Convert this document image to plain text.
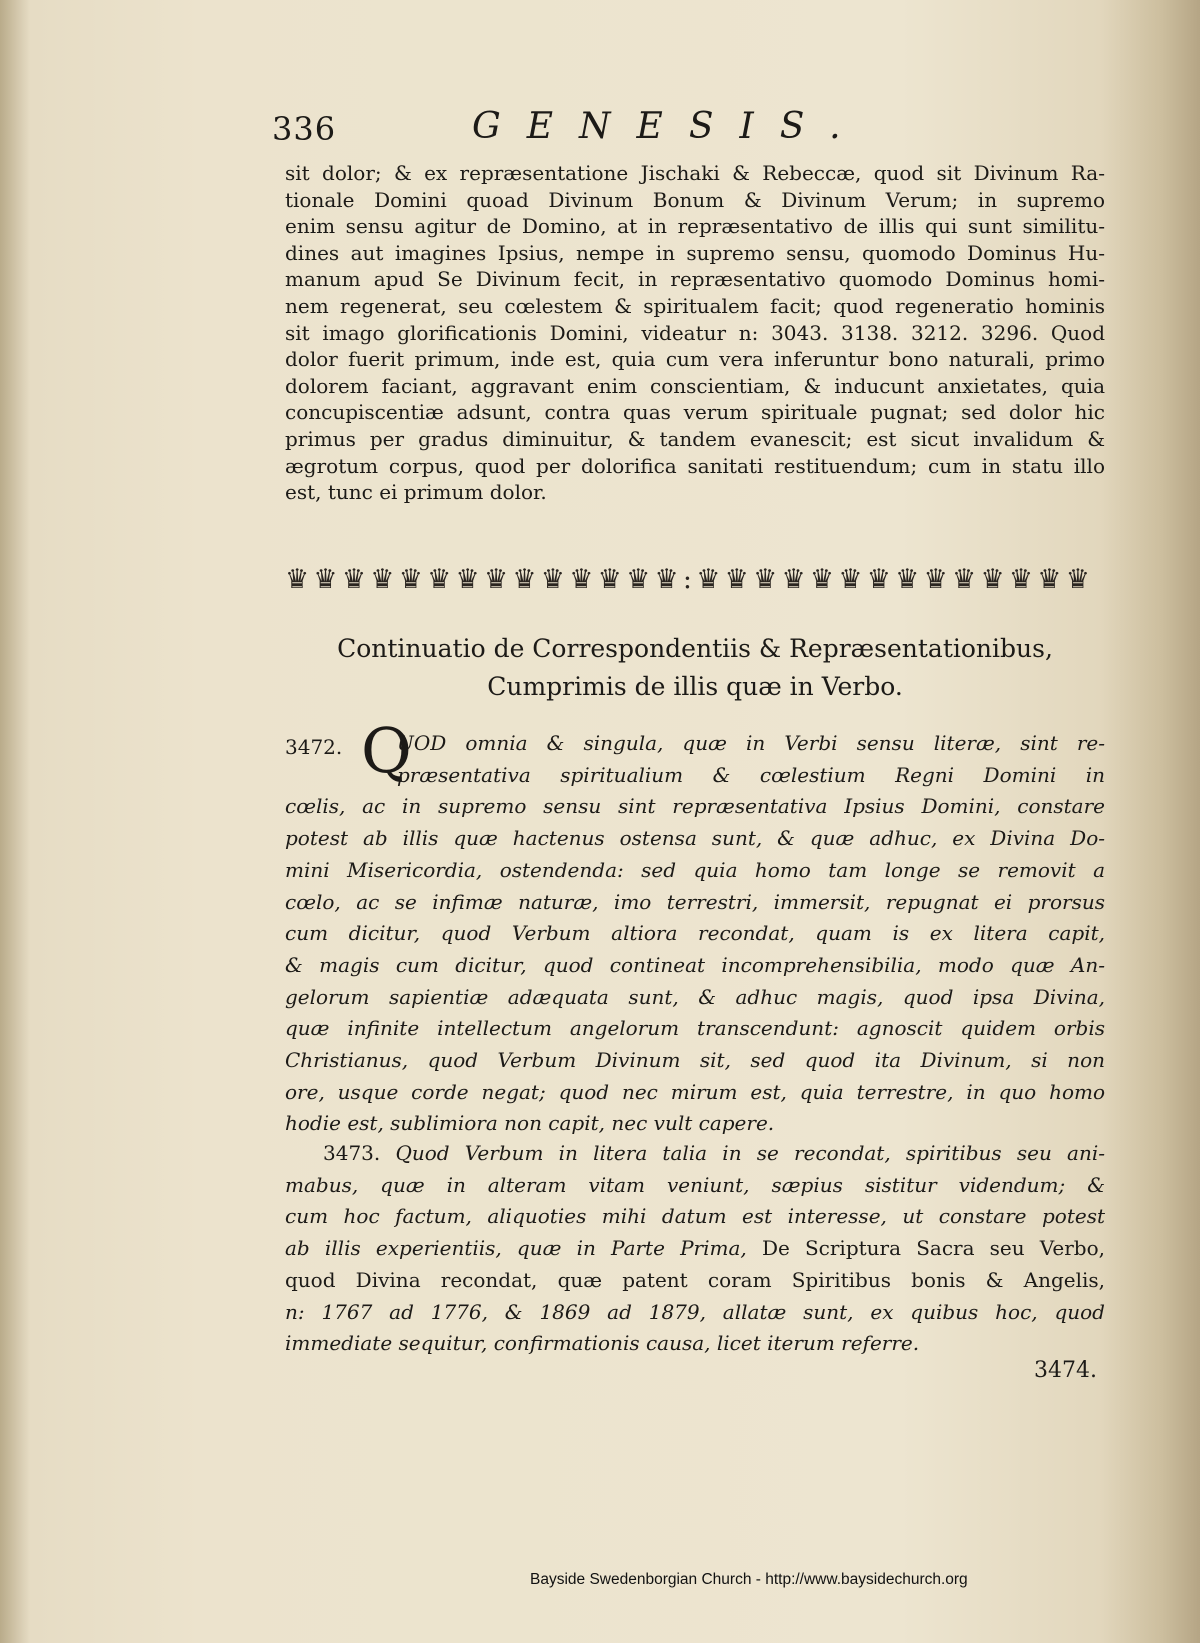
336	GENESIS.
sit dolor; & ex repræsentatione Jischaki & Rebeccæ, quod sit Divinum Ra-
tionale Domini quoad Divinum Bonum & Divinum Verum; in supremo
enim sensu agitur de Domino, at in repræsentativo de illis qui sunt similitu-
dines aut imagines Ipsius, nempe in supremo sensu, quomodo Dominus Hu-
manum apud Se Divinum fecit, in repræsentativo quomodo Dominus homi-
nem regenerat, seu cœlestem & spiritualem facit; quod regeneratio hominis
sit imago glorificationis Domini, videatur n: 3043. 3138. 3212. 3296. Quod
dolor fuerit primum, inde est, quia cum vera inferuntur bono naturali, primo
dolorem faciant, aggravant enim conscientiam, & inducunt anxietates, quia
concupiscentiæ adsunt, contra quas verum spirituale pugnat; sed dolor hic
primus per gradus diminuitur, & tandem evanescit; est sicut invalidum &
ægrotum corpus, quod per dolorifica sanitati restituendum; cum in statu illo
est, tunc ei primum dolor.
♛ ♛ ♛ ♛ ♛ ♛ ♛ ♛ ♛ ♛ ♛ ♛ ♛ ♛ : ♛ ♛ ♛ ♛ ♛ ♛ ♛ ♛ ♛ ♛ ♛ ♛ ♛ ♛
Continuatio de Correspondentiis & Repræsentationibus,
Cumprimis de illis quæ in Verbo.
3472. Q
UOD omnia & singula, quæ in Verbi sensu literæ, sint re-
præsentativa spiritualium & cœlestium Regni Domini in
cœlis, ac in supremo sensu sint repræsentativa Ipsius Domini, constare
potest ab illis quæ hactenus ostensa sunt, & quæ adhuc, ex Divina Do-
mini Misericordia, ostendenda: sed quia homo tam longe se removit a
cœlo, ac se infimæ naturæ, imo terrestri, immersit, repugnat ei prorsus
cum dicitur, quod Verbum altiora recondat, quam is ex litera capit,
& magis cum dicitur, quod contineat incomprehensibilia, modo quæ An-
gelorum sapientiæ adæquata sunt, & adhuc magis, quod ipsa Divina,
quæ infinite intellectum angelorum transcendunt: agnoscit quidem orbis
Christianus, quod Verbum Divinum sit, sed quod ita Divinum, si non
ore, usque corde negat; quod nec mirum est, quia terrestre, in quo homo
hodie est, sublimiora non capit, nec vult capere.
3473. Quod Verbum in litera talia in se recondat, spiritibus seu ani-
mabus, quæ in alteram vitam veniunt, sæpius sistitur videndum; &
cum hoc factum, aliquoties mihi datum est interesse, ut constare potest
ab illis experientiis, quæ in Parte Prima, De Scriptura Sacra seu Verbo,
quod Divina recondat, quæ patent coram Spiritibus bonis & Angelis,
n: 1767 ad 1776, & 1869 ad 1879, allatæ sunt, ex quibus hoc, quod
immediate sequitur, confirmationis causa, licet iterum referre.
3474.
Bayside Swedenborgian Church - http://www.baysidechurch.org
